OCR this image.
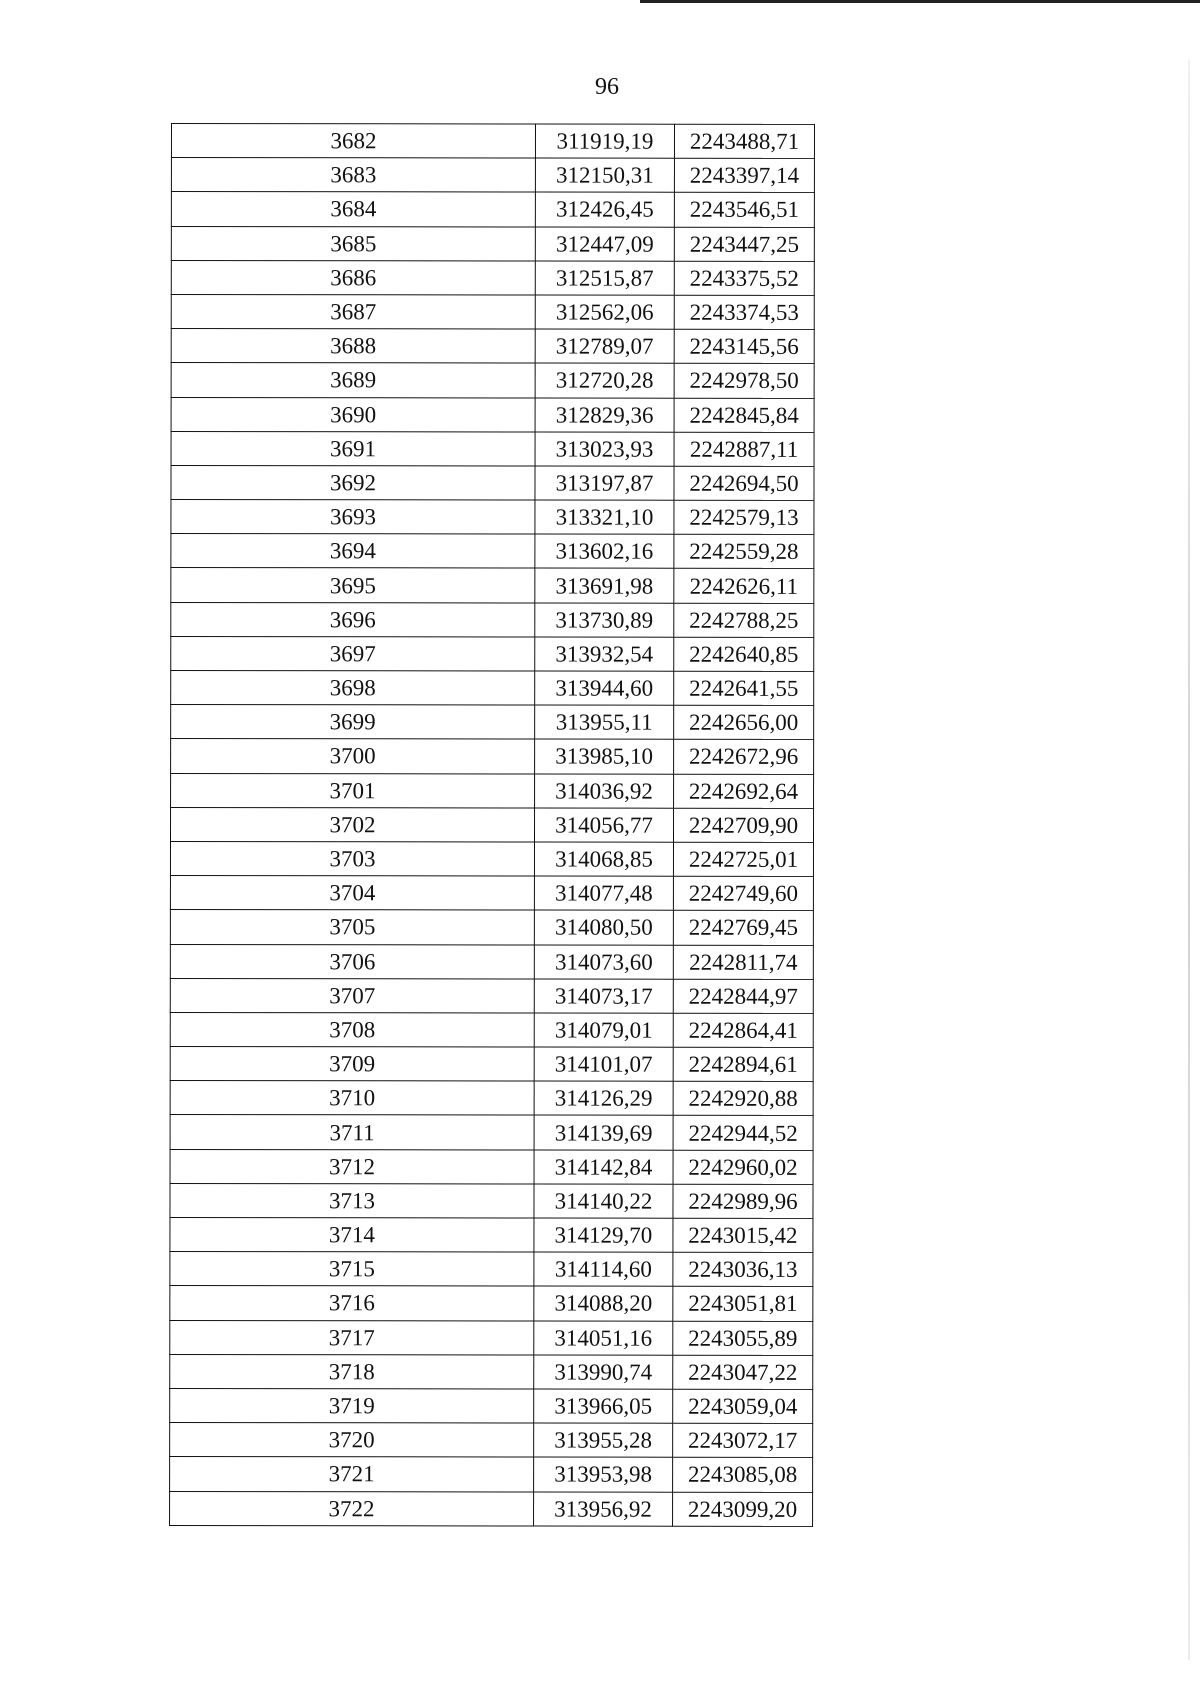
96
3682	311919,19	2243488,71
3683	312150,31	2243397,14
3684	312426,45	2243546,51
3685	312447,09	2243447,25
3686	312515,87	2243375,52
3687	312562,06	2243374,53
3688	312789,07	2243145,56
3689	312720,28	2242978,50
3690	312829,36	2242845,84
3691	313023,93	2242887,11
3692	313197,87	2242694,50
3693	313321,10	2242579,13
3694	313602,16	2242559,28
3695	313691,98	2242626,11
3696	313730,89	2242788,25
3697	313932,54	2242640,85
3698	313944,60	2242641,55
3699	313955,11	2242656,00
3700	313985,10	2242672,96
3701	314036,92	2242692,64
3702	314056,77	2242709,90
3703	314068,85	2242725,01
3704	314077,48	2242749,60
3705	314080,50	2242769,45
3706	314073,60	2242811,74
3707	314073,17	2242844,97
3708	314079,01	2242864,41
3709	314101,07	2242894,61
3710	314126,29	2242920,88
3711	314139,69	2242944,52
3712	314142,84	2242960,02
3713	314140,22	2242989,96
3714	314129,70	2243015,42
3715	314114,60	2243036,13
3716	314088,20	2243051,81
3717	314051,16	2243055,89
3718	313990,74	2243047,22
3719	313966,05	2243059,04
3720	313955,28	2243072,17
3721	313953,98	2243085,08
3722	313956,92	2243099,20
